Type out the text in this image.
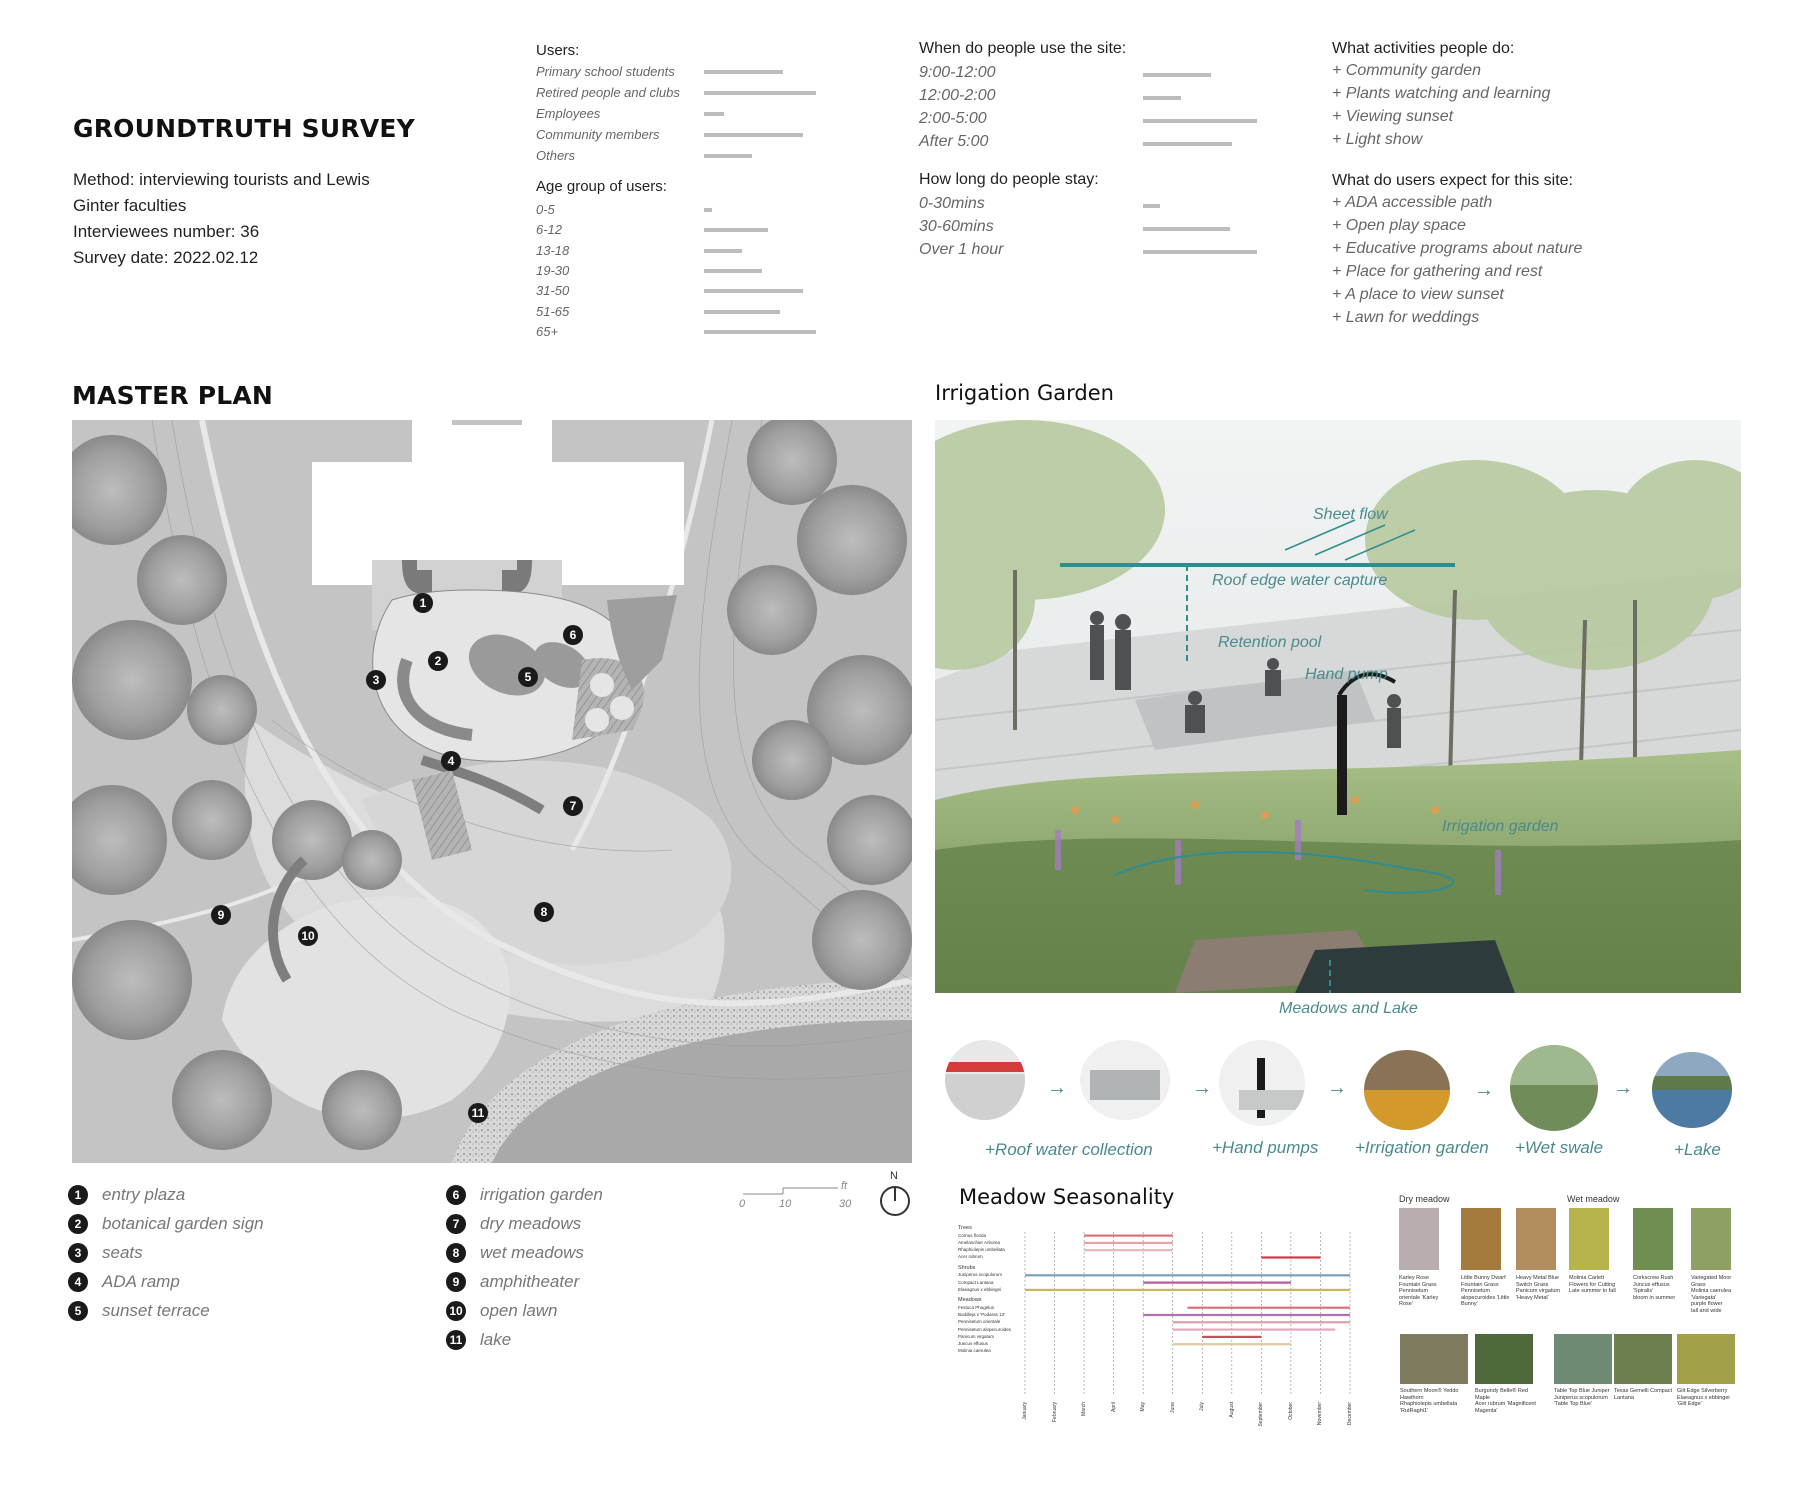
GROUNDTRUTH SURVEY
Method: interviewing tourists and Lewis
Ginter faculties
Interviewees number: 36
Survey date: 2022.02.12
Users:
Primary school students
Retired people and clubs
Employees
Community members
Others
Age group of users:
0-5
6-12
13-18
19-30
31-50
51-65
65+
When do people use the site:
9:00-12:00
12:00-2:00
2:00-5:00
After 5:00
How long do people stay:
0-30mins
30-60mins
Over 1 hour
What activities people do:
+ Community garden
+ Plants watching and learning
+ Viewing sunset
+ Light show
What do users expect for this site:
+ ADA accessible path
+ Open play space
+ Educative programs about nature
+ Place for gathering and rest
+ A place to view sunset
+ Lawn for weddings
MASTER PLAN
1
2
3
4
5
6
7
8
9
10
11
0	10	30
ft
N
Irrigation Garden
Sheet flow
Roof edge water capture
Retention pool
Hand pump
Irrigation garden
Meadows and Lake
→	→	→	→	→
+Roof water collection	+Hand pumps +Irrigation garden +Wet swale	+Lake
Meadow Seasonality
Trees
Cornus florida
Amelanchier Arborea
Rhaphiolepis umbellata
Acer rubrum
Shrubs
Juniperus scopulorum
Compact Lantana
Elaeagnus x ebbingei
Meadows
Festuca Phugelus
Buddleja x 'Podaras 13'
Pennisetum orientale
Pennisetum alopecuroides
Panicum virgatum
Juncus effusus
Molinia caerulea
January	February	March	April	May	June	July	August	September	October	November	December
Dry meadow	Wet meadow
Karley Rose
Fountain Grass
Pennisetum
orientale 'Karley
Rose'
Little Bunny Dwarf
Fountain Grass
Pennisetum
alopecuroides 'Little
Bunny'
Heavy Metal Blue
Switch Grass
Panicum virgatum
'Heavy Metal'
Molinia Carlett
Flowers for Cutting
Late summer to fall
Corkscrew Rush
Juncus effusus 'Spiralis'
bloom in summer
Variegated Moor
Grass
Molinia caerulea
'Variegata'
purple flower
tall and wide
Southern Moon® Yeddo
Hawthorn
Rhaphiolepis umbellata
'RutRaghi1'
Burgundy Belle® Red
Maple
Acer rubrum 'Magnificent
Magenta'
Table Top Blue Juniper
Juniperus scopulorum
'Table Top Blue'
Texas Gemelli Compact
Lantana
Gilt Edge Silverberry
Elaeagnus x ebbingei
'Gilt Edge'
1	entry plaza
2	botanical garden sign
3	seats
4	ADA ramp
5	sunset terrace
6	irrigation garden
7	dry meadows
8	wet meadows
9	amphitheater
10 open lawn
11 lake
